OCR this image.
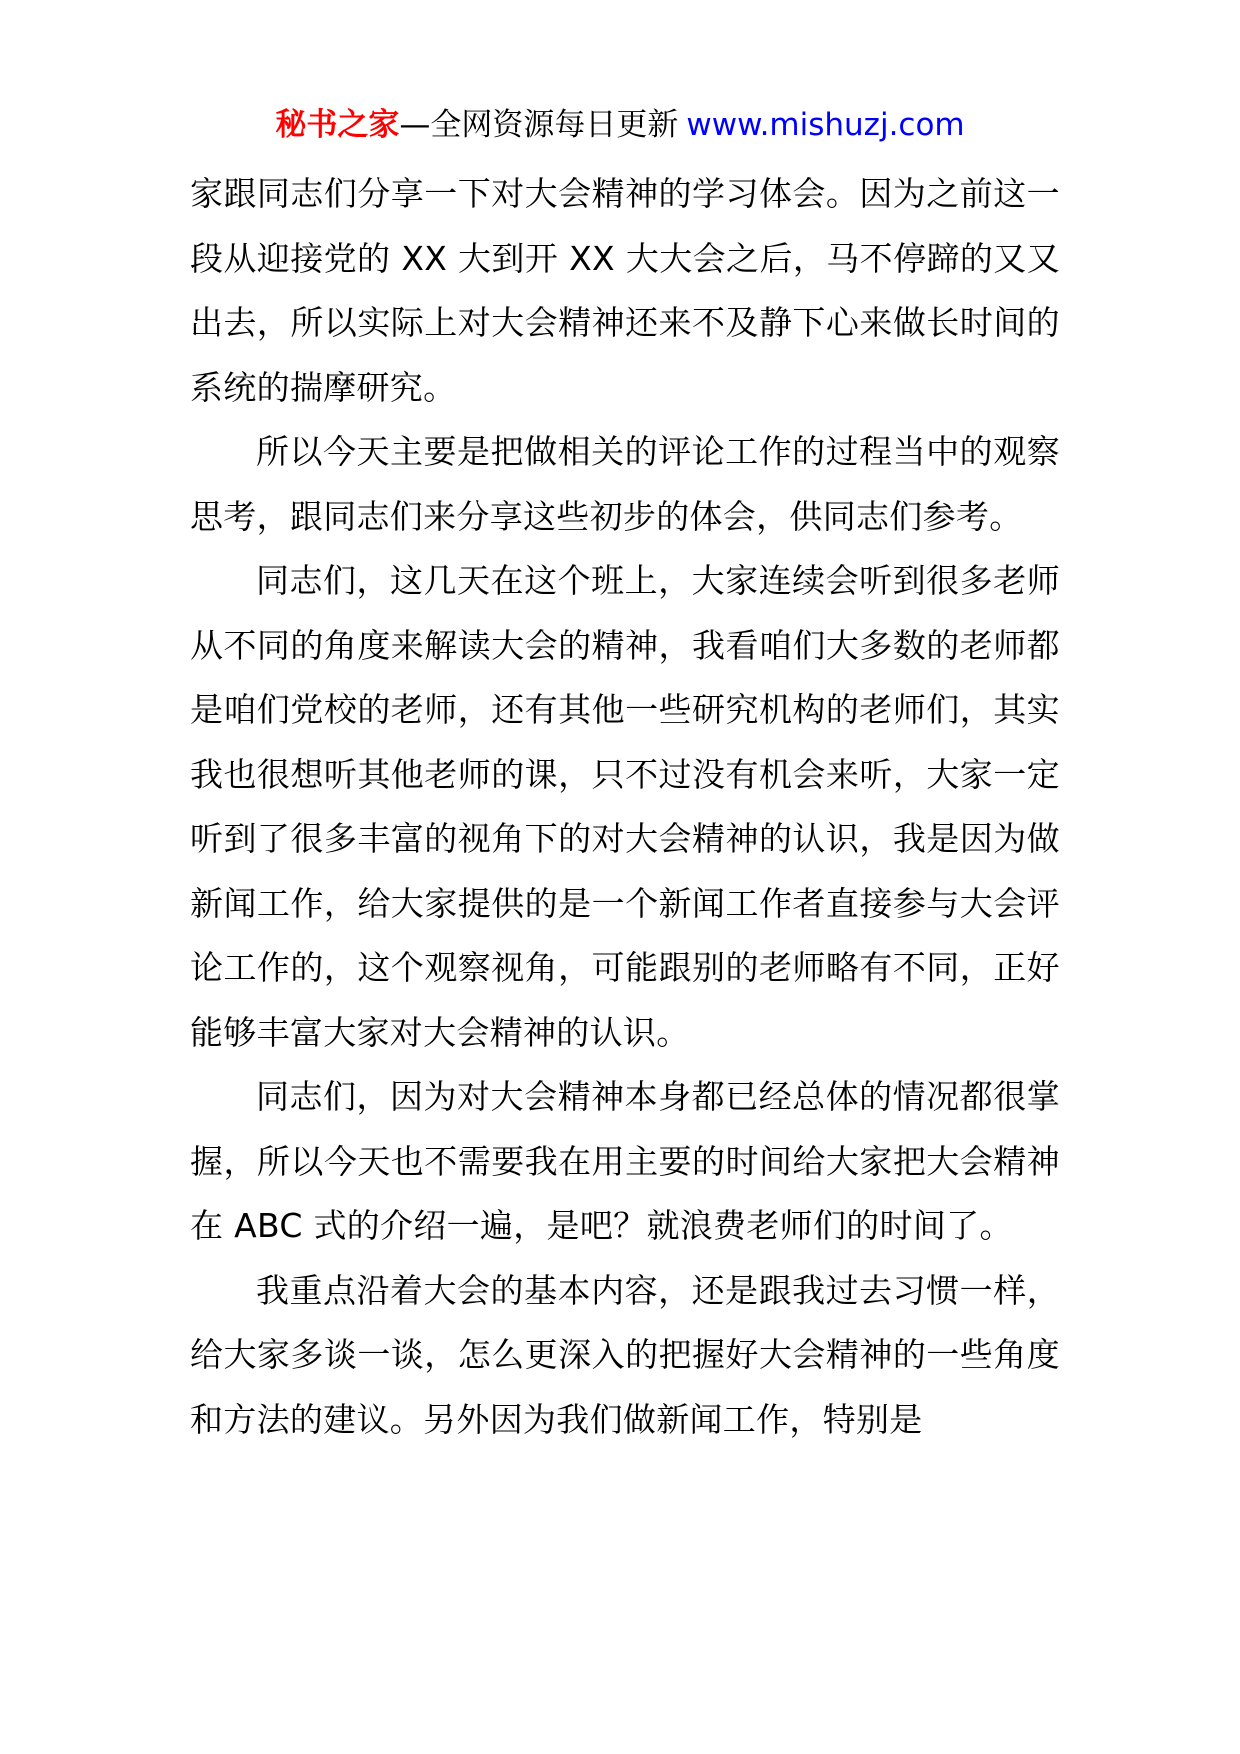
秘书之家—全网资源每日更新 www.mishuzj.com

家跟同志们分享一下对大会精神的学习体会。因为之前这一段从迎接党的 XX 大到开 XX 大大会之后，马不停蹄的又又出去，所以实际上对大会精神还来不及静下心来做长时间的系统的揣摩研究。

所以今天主要是把做相关的评论工作的过程当中的观察思考，跟同志们来分享这些初步的体会，供同志们参考。

同志们，这几天在这个班上，大家连续会听到很多老师从不同的角度来解读大会的精神，我看咱们大多数的老师都是咱们党校的老师，还有其他一些研究机构的老师们，其实我也很想听其他老师的课，只不过没有机会来听，大家一定听到了很多丰富的视角下的对大会精神的认识，我是因为做新闻工作，给大家提供的是一个新闻工作者直接参与大会评论工作的，这个观察视角，可能跟别的老师略有不同，正好能够丰富大家对大会精神的认识。

同志们，因为对大会精神本身都已经总体的情况都很掌握，所以今天也不需要我在用主要的时间给大家把大会精神在 ABC 式的介绍一遍，是吧？就浪费老师们的时间了。

我重点沿着大会的基本内容，还是跟我过去习惯一样，给大家多谈一谈，怎么更深入的把握好大会精神的一些角度和方法的建议。另外因为我们做新闻工作，特别是
